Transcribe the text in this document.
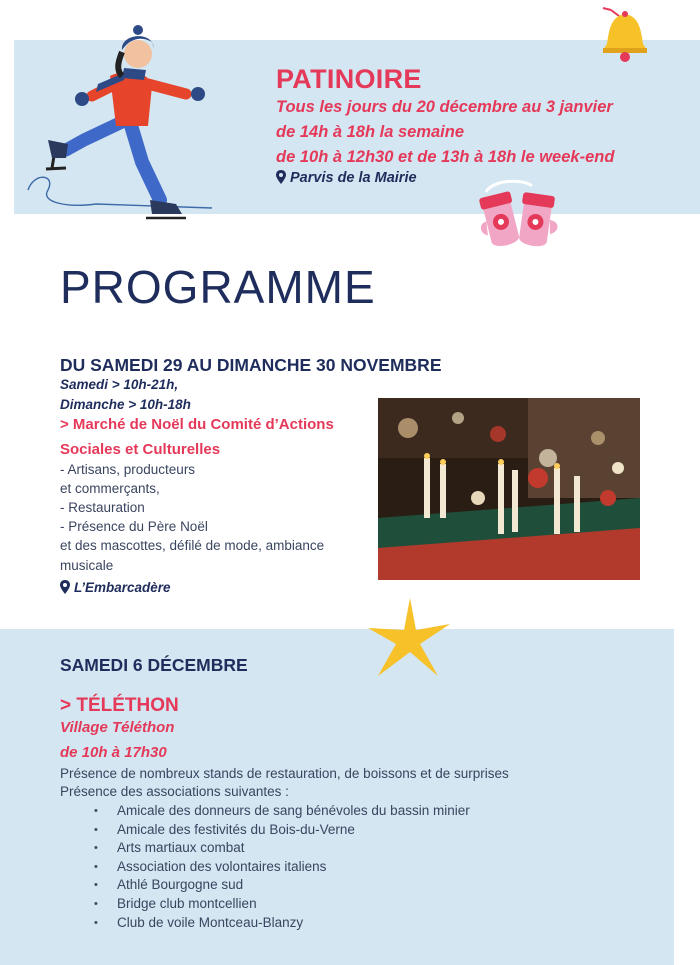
PATINOIRE
Tous les jours du 20 décembre au 3 janvier
de 14h à 18h la semaine
de 10h à 12h30 et de 13h à 18h le week-end
Parvis de la Mairie
PROGRAMME
DU SAMEDI 29 AU DIMANCHE 30 NOVEMBRE
Samedi > 10h-21h,
Dimanche > 10h-18h
> Marché de Noël du Comité d’Actions
Sociales et Culturelles
- Artisans, producteurs
et commerçants,
- Restauration
- Présence du Père Noël
et des mascottes, défilé de mode, ambiance
musicale
L’Embarcadère
SAMEDI 6 DÉCEMBRE
> TÉLÉTHON
Village Téléthon
de 10h à 17h30
Présence de nombreux stands de restauration, de boissons et de surprises
Présence des associations suivantes :
• Amicale des donneurs de sang bénévoles du bassin minier
• Amicale des festivités du Bois-du-Verne
• Arts martiaux combat
• Association des volontaires italiens
• Athlé Bourgogne sud
• Bridge club montcellien
• Club de voile Montceau-Blanzy
